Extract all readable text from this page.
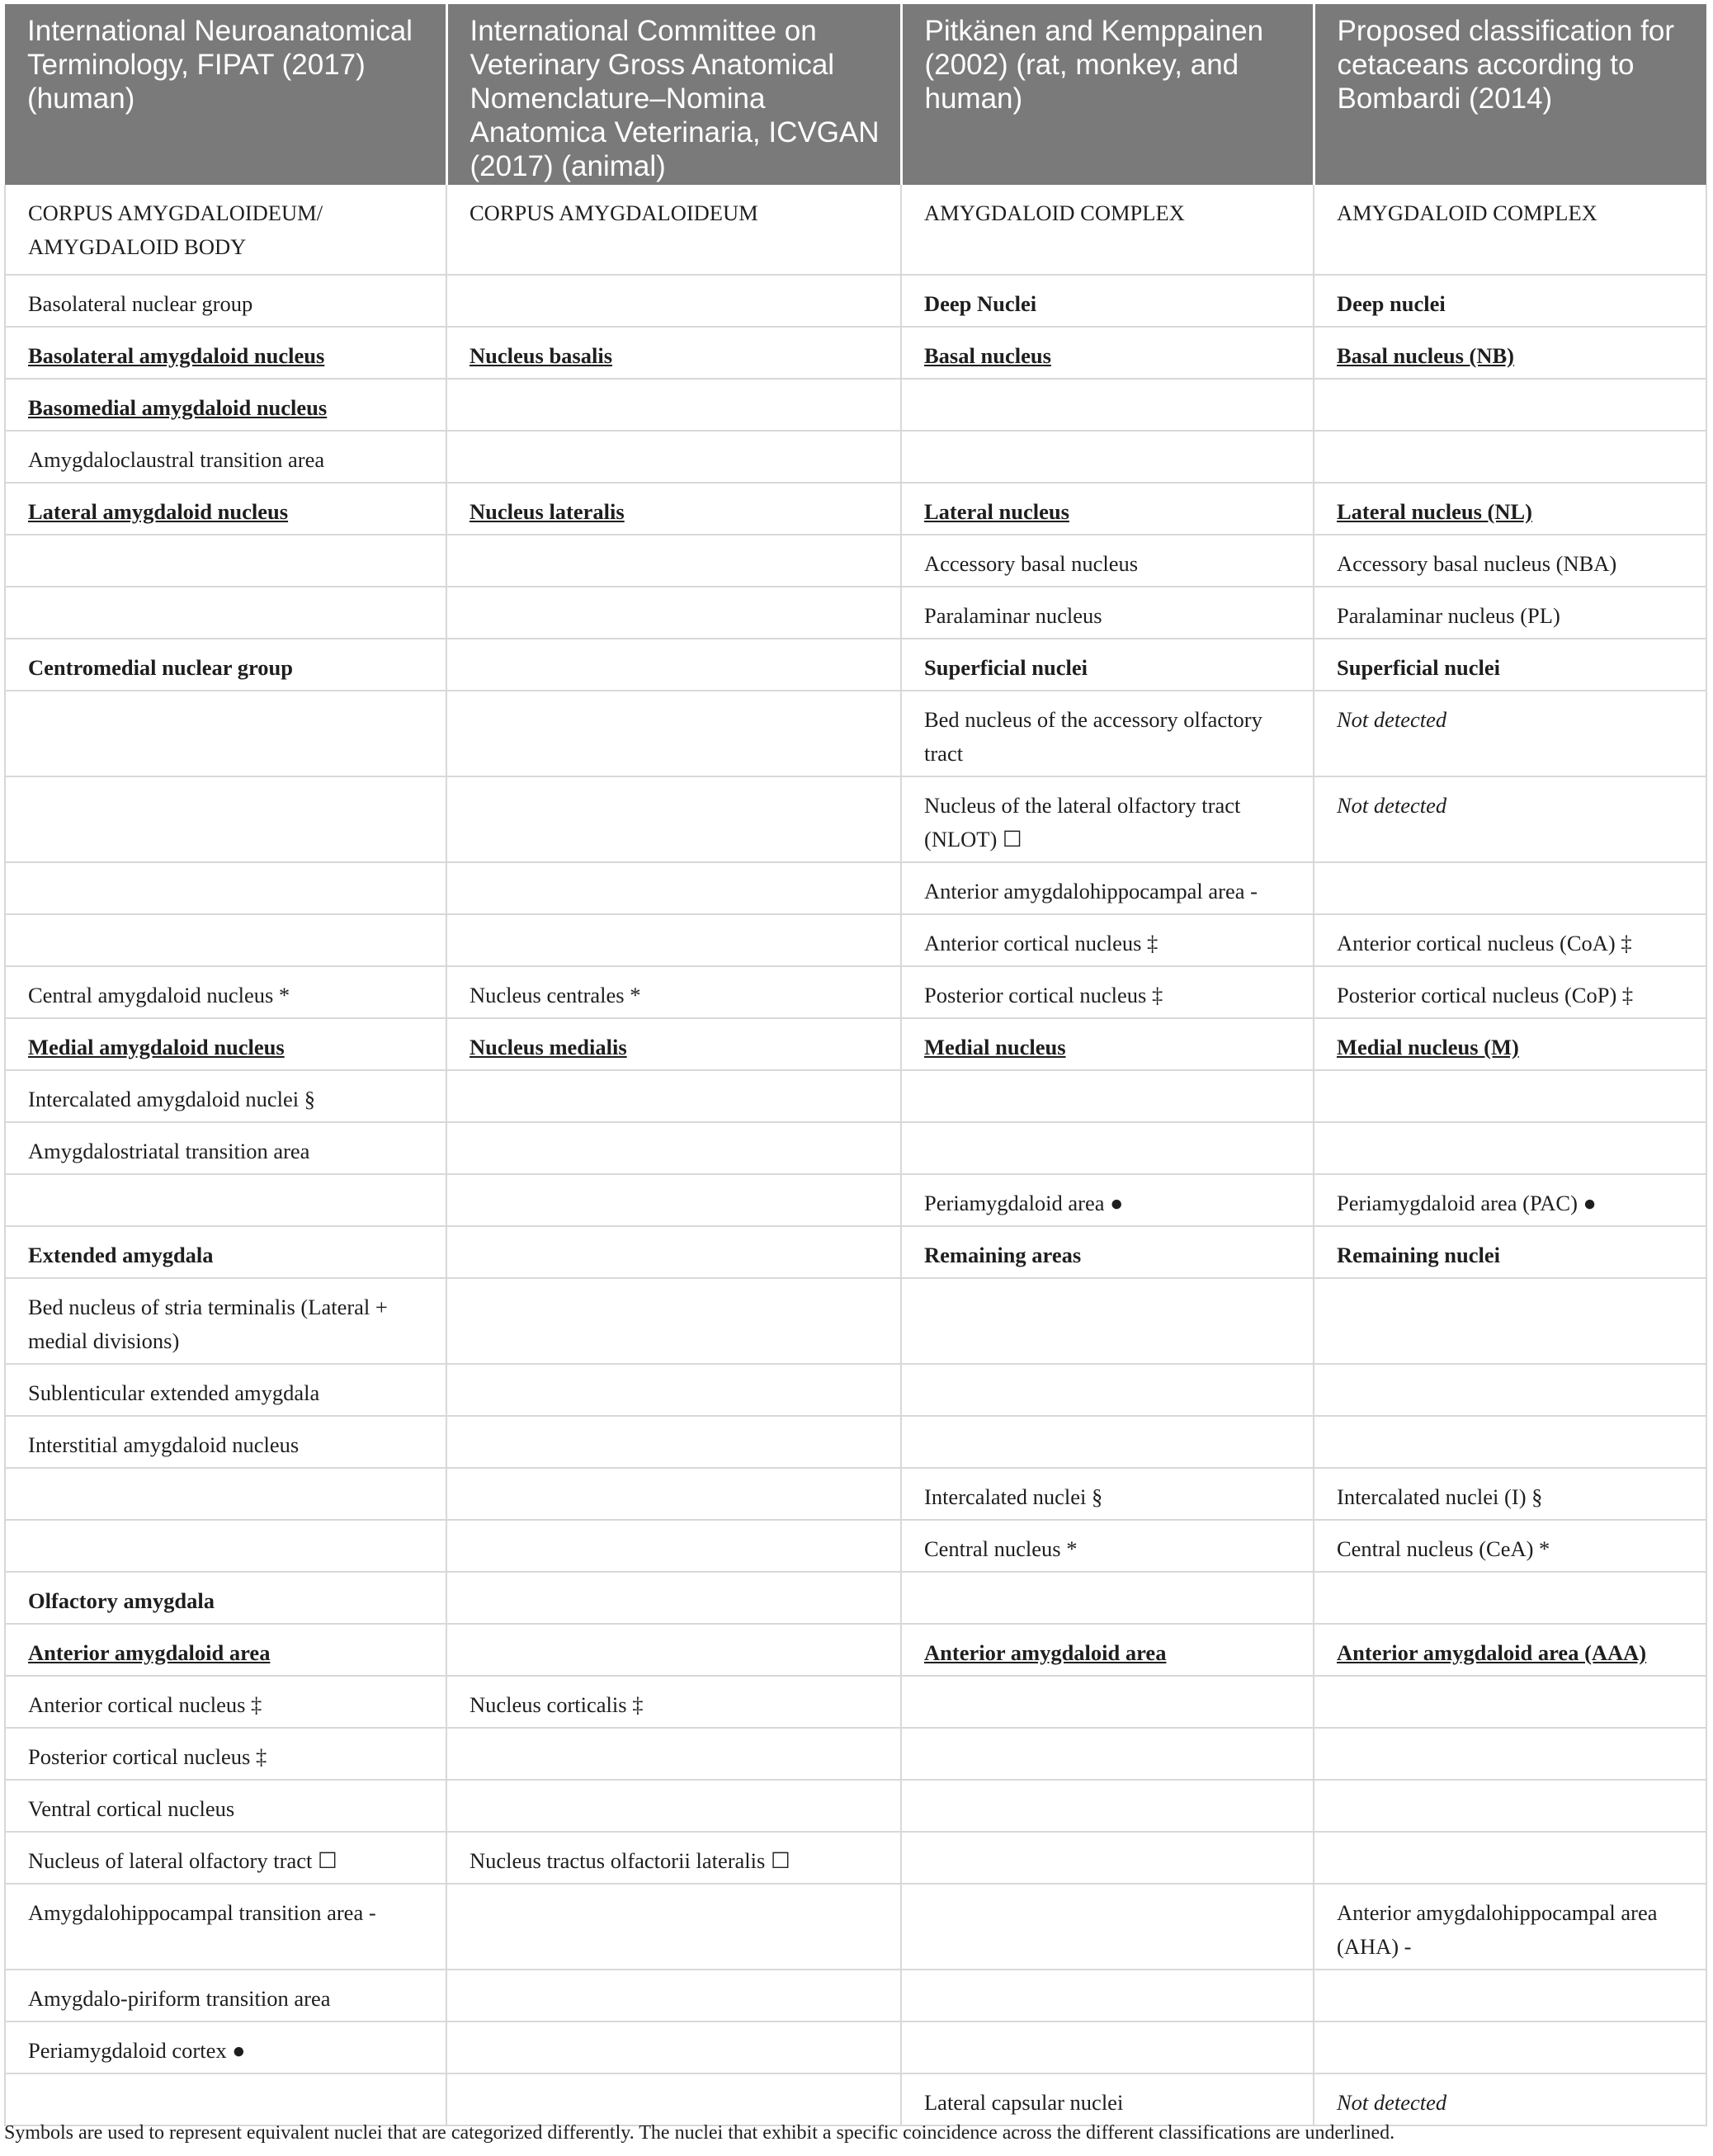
International Neuroanatomical Terminology, FIPAT (2017) (human)	International Committee on Veterinary Gross Anatomical Nomenclature–Nomina Anatomica Veterinaria, ICVGAN (2017) (animal)	Pitkänen and Kemppainen (2002) (rat, monkey, and human)	Proposed classification for cetaceans according to Bombardi (2014)
CORPUS AMYGDALOIDEUM/ AMYGDALOID BODY	CORPUS AMYGDALOIDEUM	AMYGDALOID COMPLEX	AMYGDALOID COMPLEX
Basolateral nuclear group		Deep Nuclei	Deep nuclei
Basolateral amygdaloid nucleus	Nucleus basalis	Basal nucleus	Basal nucleus (NB)
Basomedial amygdaloid nucleus			
Amygdaloclaustral transition area			
Lateral amygdaloid nucleus	Nucleus lateralis	Lateral nucleus	Lateral nucleus (NL)
		Accessory basal nucleus	Accessory basal nucleus (NBA)
		Paralaminar nucleus	Paralaminar nucleus (PL)
Centromedial nuclear group		Superficial nuclei	Superficial nuclei
		Bed nucleus of the accessory olfactory tract	Not detected
		Nucleus of the lateral olfactory tract (NLOT) ☐	Not detected
		Anterior amygdalohippocampal area -	
		Anterior cortical nucleus ‡	Anterior cortical nucleus (CoA) ‡
Central amygdaloid nucleus *	Nucleus centrales *	Posterior cortical nucleus ‡	Posterior cortical nucleus (CoP) ‡
Medial amygdaloid nucleus	Nucleus medialis	Medial nucleus	Medial nucleus (M)
Intercalated amygdaloid nuclei §			
Amygdalostriatal transition area			
		Periamygdaloid area ●	Periamygdaloid area (PAC) ●
Extended amygdala		Remaining areas	Remaining nuclei
Bed nucleus of stria terminalis (Lateral + medial divisions)			
Sublenticular extended amygdala			
Interstitial amygdaloid nucleus			
		Intercalated nuclei §	Intercalated nuclei (I) §
		Central nucleus *	Central nucleus (CeA) *
Olfactory amygdala			
Anterior amygdaloid area		Anterior amygdaloid area	Anterior amygdaloid area (AAA)
Anterior cortical nucleus ‡	Nucleus corticalis ‡		
Posterior cortical nucleus ‡			
Ventral cortical nucleus			
Nucleus of lateral olfactory tract ☐	Nucleus tractus olfactorii lateralis ☐		
Amygdalohippocampal transition area -			Anterior amygdalohippocampal area (AHA) -
Amygdalo-piriform transition area			
Periamygdaloid cortex ●			
		Lateral capsular nuclei	Not detected
Symbols are used to represent equivalent nuclei that are categorized differently. The nuclei that exhibit a specific coincidence across the different classifications are underlined.
